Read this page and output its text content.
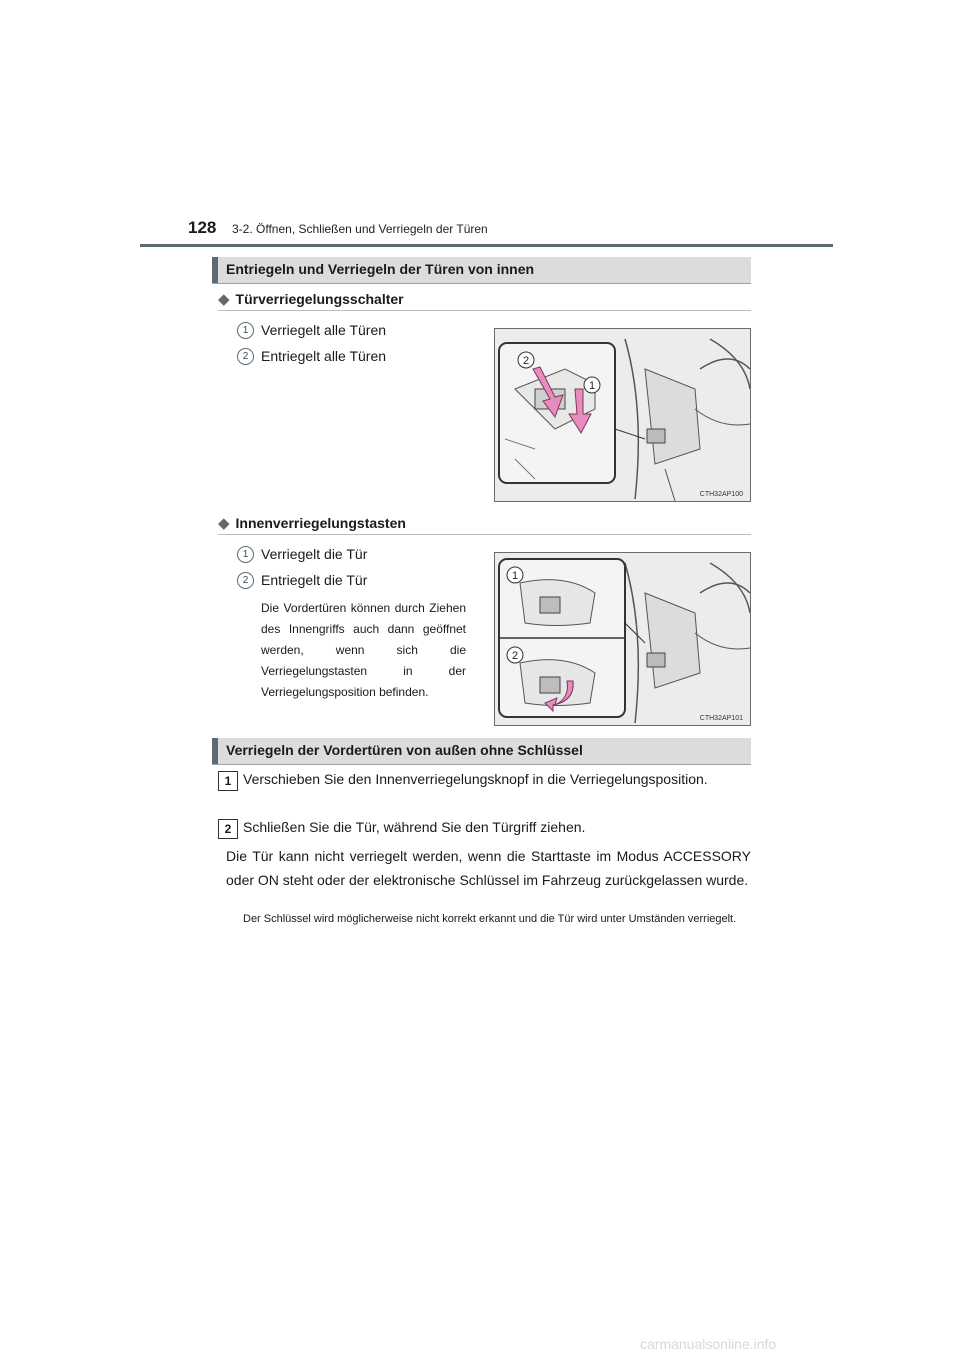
128 3-2. Öffnen, Schließen und Verriegeln der Türen
Entriegeln und Verriegeln der Türen von innen
◆ Türverriegelungsschalter
1 Verriegelt alle Türen
2 Entriegelt alle Türen	2
1
CTH32AP100
◆ Innenverriegelungstasten
1 Verriegelt die Tür
2 Entriegelt die Tür
Die Vordertüren können durch Ziehen des Innengriffs auch dann geöffnet werden, wenn sich die Verriegelungstasten in der Verriegelungsposition befinden.
1
2
CTH32AP101
Verriegeln der Vordertüren von außen ohne Schlüssel
1 Verschieben Sie den Innenverriegelungsknopf in die Verriegelungsposition.
2 Schließen Sie die Tür, während Sie den Türgriff ziehen.
Die Tür kann nicht verriegelt werden, wenn die Starttaste im Modus ACCESSORY oder ON steht oder der elektronische Schlüssel im Fahrzeug zurückgelassen wurde.
Der Schlüssel wird möglicherweise nicht korrekt erkannt und die Tür wird unter Umständen verriegelt.
carmanualsonline.info
